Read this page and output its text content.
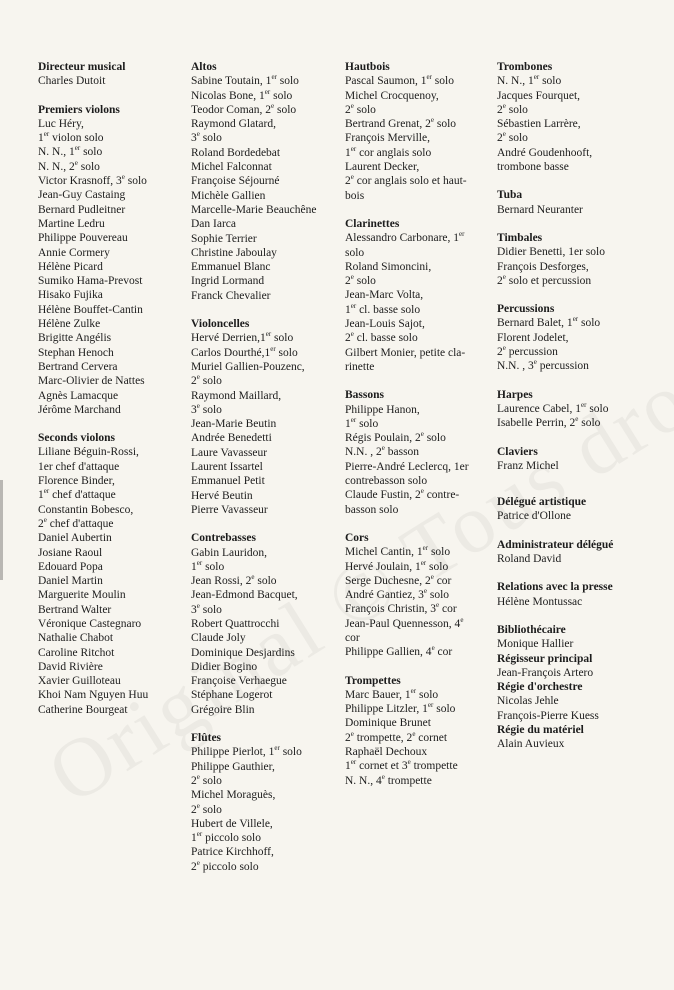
Directeur musical
Charles Dutoit
Premiers violons
Luc Héry,
1er violon solo
N. N., 1er solo
N. N., 2e solo
Victor Krasnoff, 3e solo
Jean-Guy Castaing
Bernard Pudleitner
Martine Ledru
Philippe Pouvereau
Annie Cormery
Hélène Picard
Sumiko Hama-Prevost
Hisako Fujika
Hélène Bouffet-Cantin
Hélène Zulke
Brigitte Angélis
Stephan Henoch
Bertrand Cervera
Marc-Olivier de Nattes
Agnès Lamacque
Jérôme Marchand
Seconds violons
Liliane Béguin-Rossi,
1er chef d'attaque
Florence Binder,
1er chef d'attaque
Constantin Bobesco,
2e chef d'attaque
Daniel Aubertin
Josiane Raoul
Edouard Popa
Daniel Martin
Marguerite Moulin
Bertrand Walter
Véronique Castegnaro
Nathalie Chabot
Caroline Ritchot
David Rivière
Xavier Guilloteau
Khoi Nam Nguyen Huu
Catherine Bourgeat
Altos
Sabine Toutain, 1er solo
Nicolas Bone, 1er solo
Teodor Coman, 2e solo
Raymond Glatard,
3e solo
Roland Bordedebat
Michel Falconnat
Françoise Séjourné
Michèle Gallien
Marcelle-Marie Beauchêne
Dan Iarca
Sophie Terrier
Christine Jaboulay
Emmanuel Blanc
Ingrid Lormand
Franck Chevalier
Violoncelles
Hervé Derrien,1er solo
Carlos Dourthé,1er solo
Muriel Gallien-Pouzenc,
2e solo
Raymond Maillard,
3e solo
Jean-Marie Beutin
Andrée Benedetti
Laure Vavasseur
Laurent Issartel
Emmanuel Petit
Hervé Beutin
Pierre Vavasseur
Contrebasses
Gabin Lauridon,
1er solo
Jean Rossi, 2e solo
Jean-Edmond Bacquet,
3e solo
Robert Quattrocchi
Claude Joly
Dominique Desjardins
Didier Bogino
Françoise Verhaegue
Stéphane Logerot
Grégoire Blin
Flûtes
Philippe Pierlot, 1er solo
Philippe Gauthier,
2e solo
Michel Moraguès,
2e solo
Hubert de Villele,
1er piccolo solo
Patrice Kirchhoff,
2e piccolo solo
Hautbois
Pascal Saumon, 1er solo
Michel Crocquenoy,
2e solo
Bertrand Grenat, 2e solo
François Merville,
1er cor anglais solo
Laurent Decker,
2e cor anglais solo et haut-
bois
Clarinettes
Alessandro Carbonare, 1er
solo
Roland Simoncini,
2e solo
Jean-Marc Volta,
1er cl. basse solo
Jean-Louis Sajot,
2e cl. basse solo
Gilbert Monier, petite cla-
rinette
Bassons
Philippe Hanon,
1er solo
Régis Poulain, 2e solo
N.N. , 2e basson
Pierre-André Leclercq, 1er
contrebasson solo
Claude Fustin, 2e contre-
basson solo
Cors
Michel Cantin, 1er solo
Hervé Joulain, 1er solo
Serge Duchesne, 2e cor
André Gantiez, 3e solo
François Christin, 3e cor
Jean-Paul Quennesson, 4e
cor
Philippe Gallien, 4e cor
Trompettes
Marc Bauer, 1er solo
Philippe Litzler, 1er solo
Dominique Brunet
2e trompette, 2e cornet
Raphaël Dechoux
1er cornet et 3e trompette
N. N., 4e trompette
Trombones
N. N., 1er solo
Jacques Fourquet,
2e solo
Sébastien Larrère,
2e solo
André Goudenhooft,
trombone basse
Tuba
Bernard Neuranter
Timbales
Didier Benetti, 1er solo
François Desforges,
2e solo et percussion
Percussions
Bernard Balet, 1er solo
Florent Jodelet,
2e percussion
N.N. , 3e percussion
Harpes
Laurence Cabel, 1er solo
Isabelle Perrin, 2e solo
Claviers
Franz Michel
Délégué artistique
Patrice d'Ollone
Administrateur délégué
Roland David
Relations avec la presse
Hélène Montussac
Bibliothécaire
Monique Hallier
Régisseur principal
Jean-François Artero
Régie d'orchestre
Nicolas Jehle
François-Pierre Kuess
Régie du matériel
Alain Auvieux
